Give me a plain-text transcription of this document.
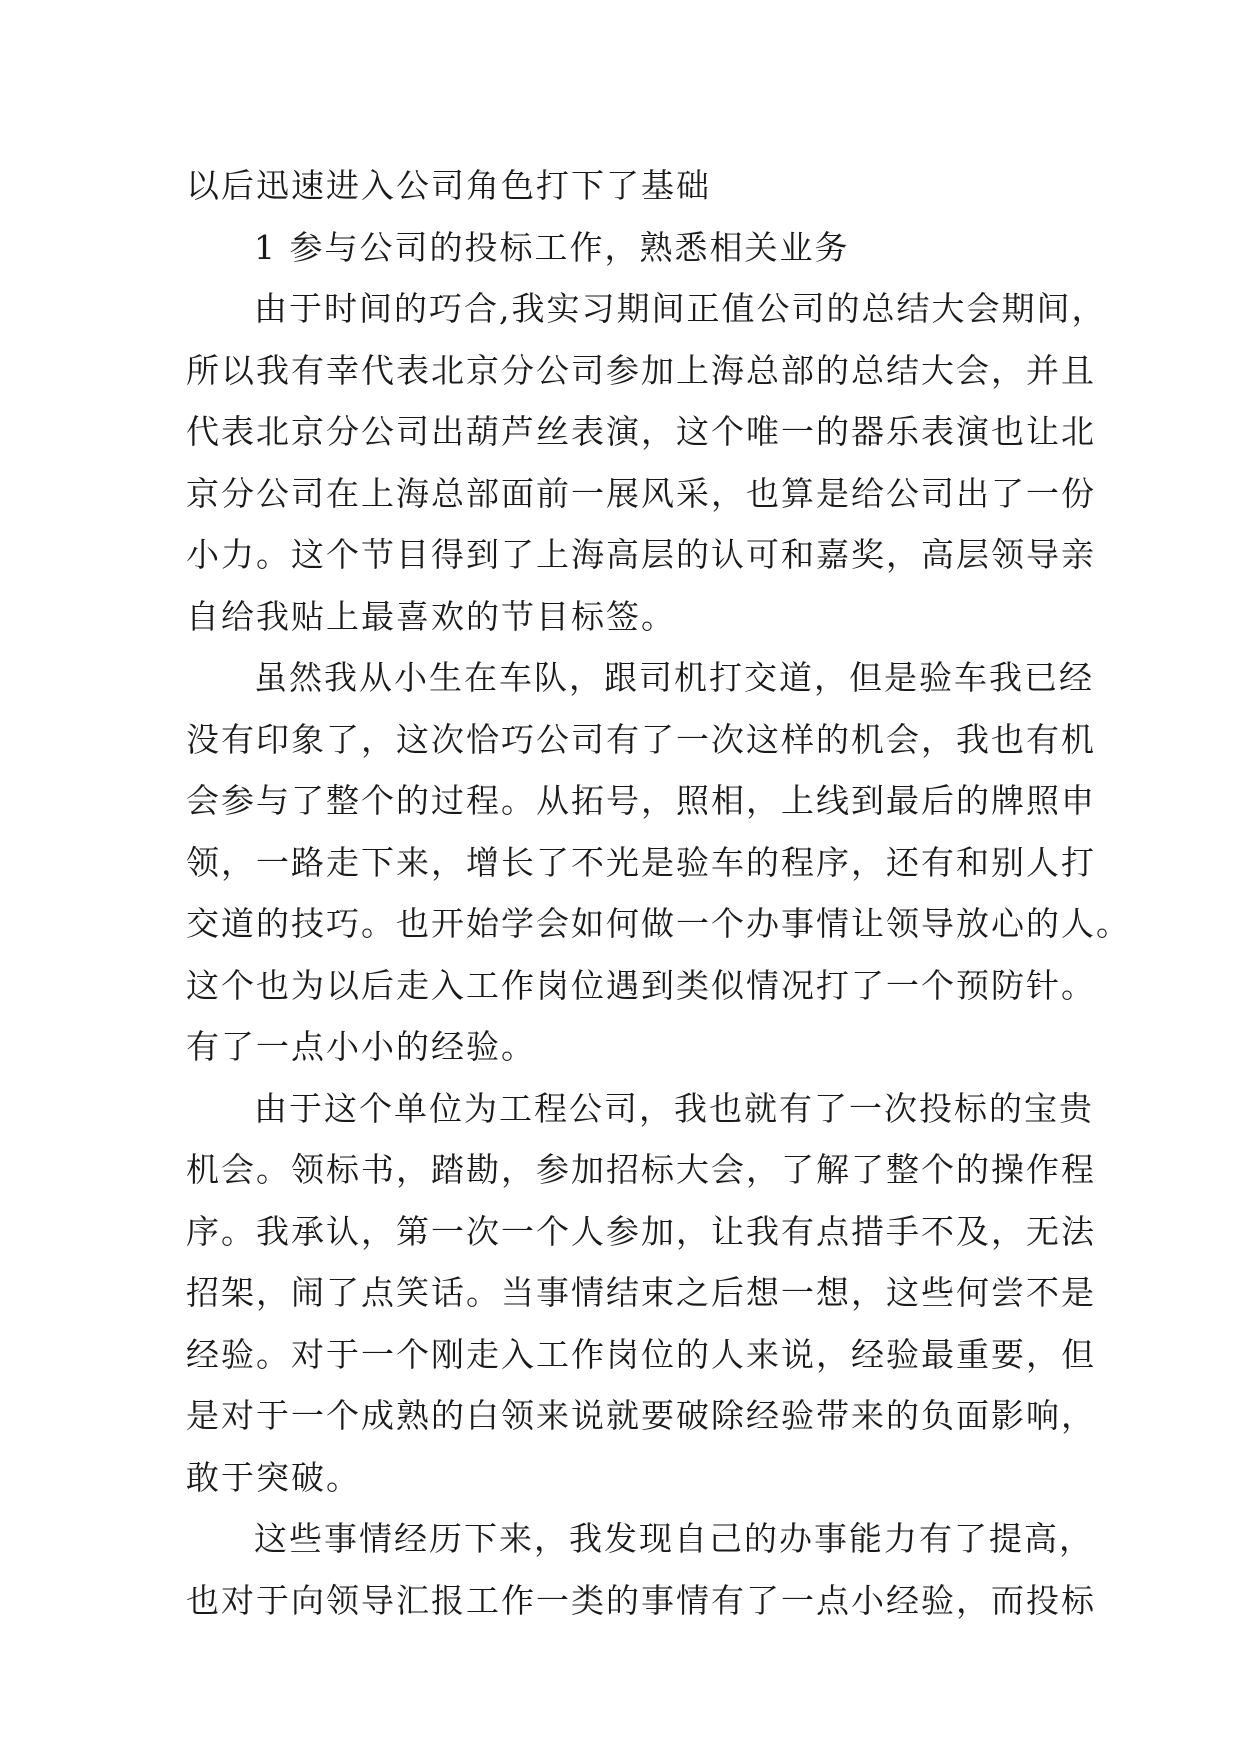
以后迅速进入公司角色打下了基础
1 参与公司的投标工作，熟悉相关业务
由于时间的巧合,我实习期间正值公司的总结大会期间，
所以我有幸代表北京分公司参加上海总部的总结大会，并且
代表北京分公司出葫芦丝表演，这个唯一的器乐表演也让北
京分公司在上海总部面前一展风采，也算是给公司出了一份
小力。这个节目得到了上海高层的认可和嘉奖，高层领导亲
自给我贴上最喜欢的节目标签。
虽然我从小生在车队，跟司机打交道，但是验车我已经
没有印象了，这次恰巧公司有了一次这样的机会，我也有机
会参与了整个的过程。从拓号，照相，上线到最后的牌照申
领，一路走下来，增长了不光是验车的程序，还有和别人打
交道的技巧。也开始学会如何做一个办事情让领导放心的人。
这个也为以后走入工作岗位遇到类似情况打了一个预防针。
有了一点小小的经验。
由于这个单位为工程公司，我也就有了一次投标的宝贵
机会。领标书，踏勘，参加招标大会，了解了整个的操作程
序。我承认，第一次一个人参加，让我有点措手不及，无法
招架，闹了点笑话。当事情结束之后想一想，这些何尝不是
经验。对于一个刚走入工作岗位的人来说，经验最重要，但
是对于一个成熟的白领来说就要破除经验带来的负面影响，
敢于突破。
这些事情经历下来，我发现自己的办事能力有了提高，
也对于向领导汇报工作一类的事情有了一点小经验，而投标
